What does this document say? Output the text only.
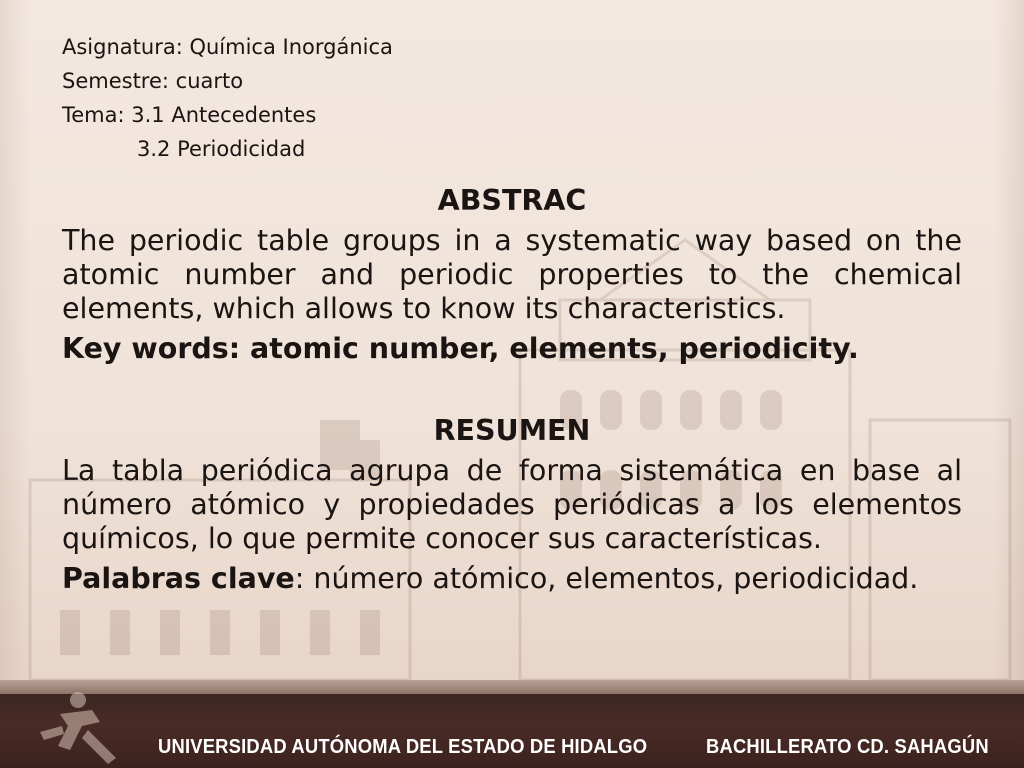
Asignatura: Química Inorgánica
Semestre: cuarto
Tema: 3.1 Antecedentes
3.2 Periodicidad

ABSTRAC

The periodic table groups in a systematic way based on the atomic number and periodic properties to the chemical elements, which allows to know its characteristics.

Key words: atomic number, elements, periodicity.

RESUMEN

La tabla periódica agrupa de forma sistemática en base al número atómico y propiedades periódicas a los elementos químicos, lo que permite conocer sus características.

Palabras clave: número atómico, elementos, periodicidad.

UNIVERSIDAD AUTÓNOMA DEL ESTADO DE HIDALGO	BACHILLERATO CD. SAHAGÚN
